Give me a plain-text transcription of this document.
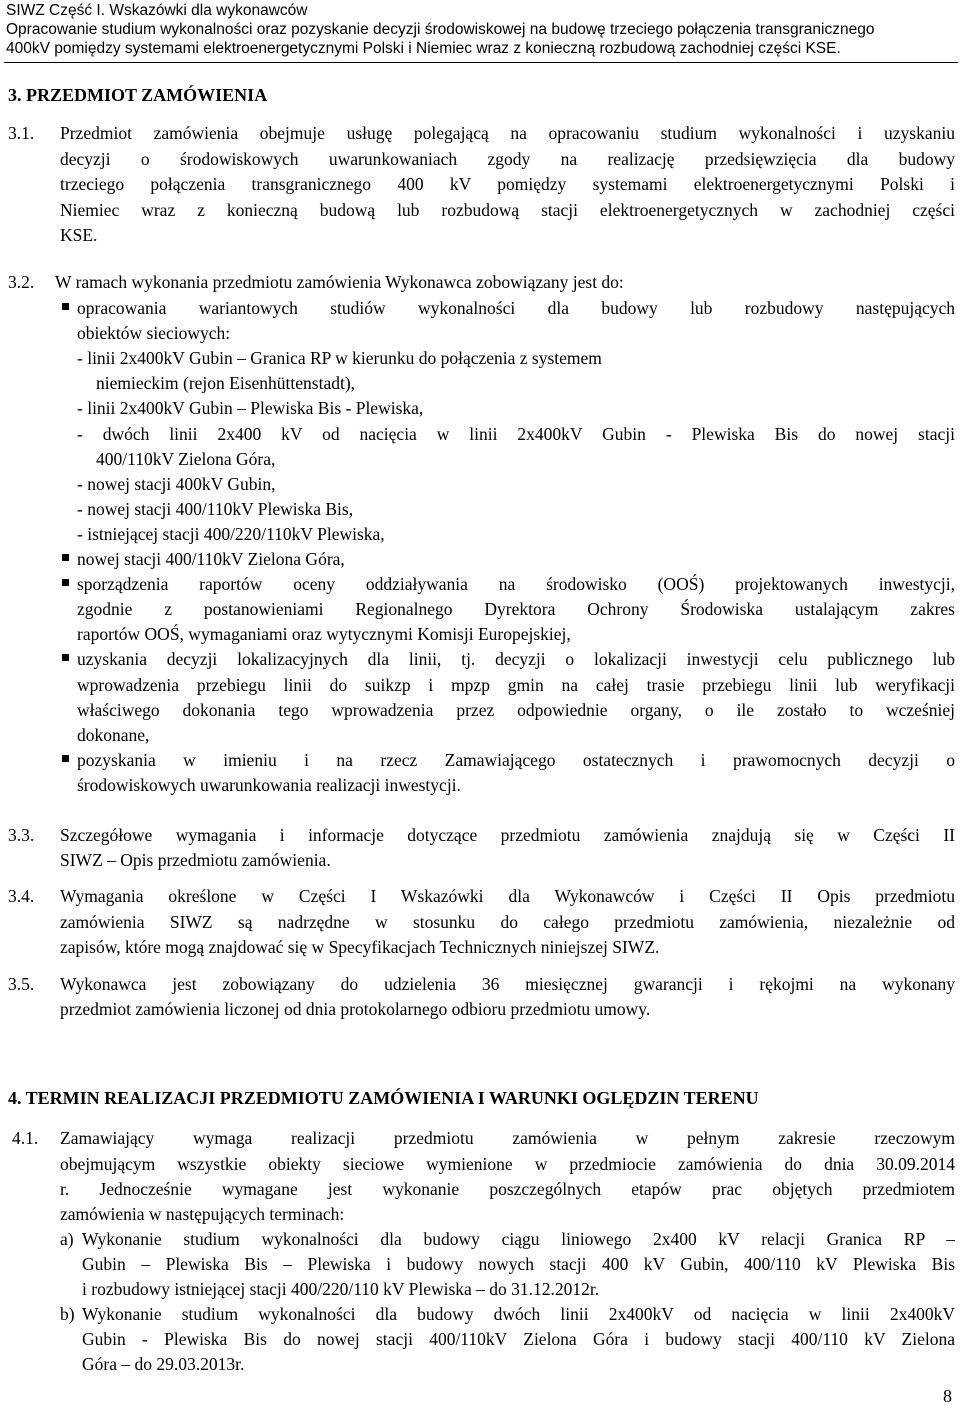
SIWZ Część I. Wskazówki dla wykonawców
Opracowanie studium wykonalności oraz pozyskanie decyzji środowiskowej na budowę trzeciego połączenia transgranicznego
400kV pomiędzy systemami elektroenergetycznymi Polski i Niemiec wraz z konieczną rozbudową zachodniej części KSE.
3. PRZEDMIOT ZAMÓWIENIA
3.1. Przedmiot zamówienia obejmuje usługę polegającą na opracowaniu studium wykonalności i uzyskaniu
decyzji o środowiskowych uwarunkowaniach zgody na realizację przedsięwzięcia dla budowy
trzeciego połączenia transgranicznego 400 kV pomiędzy systemami elektroenergetycznymi Polski i
Niemiec wraz z konieczną budową lub rozbudową stacji elektroenergetycznych w zachodniej części
KSE.
3.2. W ramach wykonania przedmiotu zamówienia Wykonawca zobowiązany jest do:
opracowania wariantowych studiów wykonalności dla budowy lub rozbudowy następujących
obiektów sieciowych:
- linii 2x400kV Gubin – Granica RP w kierunku do połączenia z systemem
niemieckim (rejon Eisenhüttenstadt),
- linii 2x400kV Gubin – Plewiska Bis - Plewiska,
- dwóch linii 2x400 kV od nacięcia w linii 2x400kV Gubin - Plewiska Bis do nowej stacji
400/110kV Zielona Góra,
- nowej stacji 400kV Gubin,
- nowej stacji 400/110kV Plewiska Bis,
- istniejącej stacji 400/220/110kV Plewiska,
nowej stacji 400/110kV Zielona Góra,
sporządzenia raportów oceny oddziaływania na środowisko (OOŚ) projektowanych inwestycji,
zgodnie z postanowieniami Regionalnego Dyrektora Ochrony Środowiska ustalającym zakres
raportów OOŚ, wymaganiami oraz wytycznymi Komisji Europejskiej,
uzyskania decyzji lokalizacyjnych dla linii, tj. decyzji o lokalizacji inwestycji celu publicznego lub
wprowadzenia przebiegu linii do suikzp i mpzp gmin na całej trasie przebiegu linii lub weryfikacji
właściwego dokonania tego wprowadzenia przez odpowiednie organy, o ile zostało to wcześniej
dokonane,
pozyskania w imieniu i na rzecz Zamawiającego ostatecznych i prawomocnych decyzji o
środowiskowych uwarunkowania realizacji inwestycji.
3.3. Szczegółowe wymagania i informacje dotyczące przedmiotu zamówienia znajdują się w Części II
SIWZ – Opis przedmiotu zamówienia.
3.4. Wymagania określone w Części I Wskazówki dla Wykonawców i Części II Opis przedmiotu
zamówienia SIWZ są nadrzędne w stosunku do całego przedmiotu zamówienia, niezależnie od
zapisów, które mogą znajdować się w Specyfikacjach Technicznych niniejszej SIWZ.
3.5. Wykonawca jest zobowiązany do udzielenia 36 miesięcznej gwarancji i rękojmi na wykonany
przedmiot zamówienia liczonej od dnia protokolarnego odbioru przedmiotu umowy.
4. TERMIN REALIZACJI PRZEDMIOTU ZAMÓWIENIA I WARUNKI OGLĘDZIN TERENU
4.1. Zamawiający wymaga realizacji przedmiotu zamówienia w pełnym zakresie rzeczowym
obejmującym wszystkie obiekty sieciowe wymienione w przedmiocie zamówienia do dnia 30.09.2014
r. Jednocześnie wymagane jest wykonanie poszczególnych etapów prac objętych przedmiotem
zamówienia w następujących terminach:
a) Wykonanie studium wykonalności dla budowy ciągu liniowego 2x400 kV relacji Granica RP –
Gubin – Plewiska Bis – Plewiska i budowy nowych stacji 400 kV Gubin, 400/110 kV Plewiska Bis
i rozbudowy istniejącej stacji 400/220/110 kV Plewiska – do 31.12.2012r.
b) Wykonanie studium wykonalności dla budowy dwóch linii 2x400kV od nacięcia w linii 2x400kV
Gubin - Plewiska Bis do nowej stacji 400/110kV Zielona Góra i budowy stacji 400/110 kV Zielona
Góra – do 29.03.2013r.
8
